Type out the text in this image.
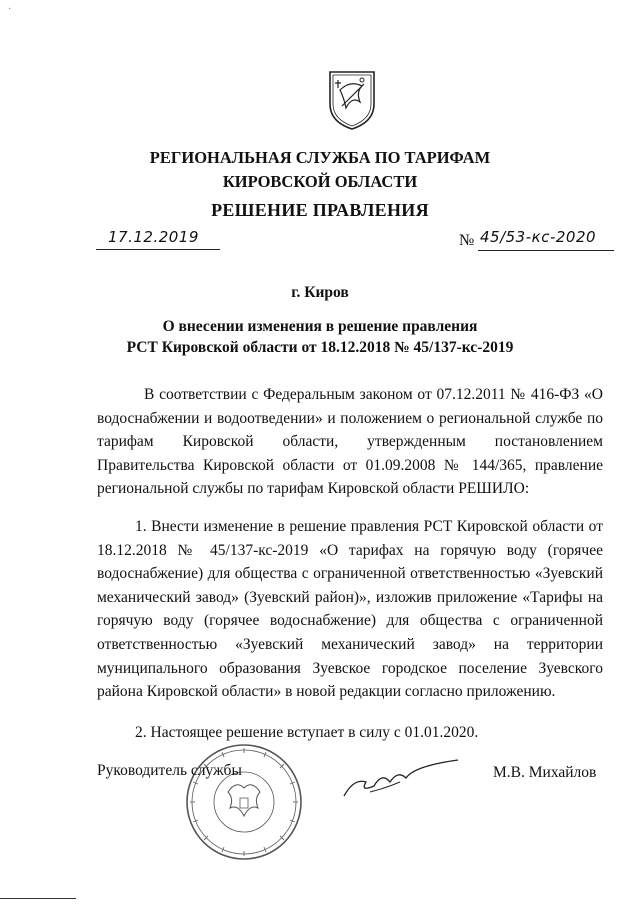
·
РЕГИОНАЛЬНАЯ СЛУЖБА ПО ТАРИФАМ
КИРОВСКОЙ ОБЛАСТИ
РЕШЕНИЕ ПРАВЛЕНИЯ
17.12.2019	№ 45/53-кс-2020
г. Киров
О внесении изменения в решение правления
РСТ Кировской области от 18.12.2018 № 45/137-кс-2019
В соответствии с Федеральным законом от 07.12.2011 № 416-ФЗ «О водоснабжении и водоотведении» и положением о региональной службе по тарифам Кировской области, утвержденным постановлением Правительства Кировской области от 01.09.2008 № 144/365, правление региональной службы по тарифам Кировской области РЕШИЛО:
1. Внести изменение в решение правления РСТ Кировской области от 18.12.2018 № 45/137-кс-2019 «О тарифах на горячую воду (горячее водоснабжение) для общества с ограниченной ответственностью «Зуевский механический завод» (Зуевский район)», изложив приложение «Тарифы на горячую воду (горячее водоснабжение) для общества с ограниченной ответственностью «Зуевский механический завод» на территории муниципального образования Зуевское городское поселение Зуевского района Кировской области» в новой редакции согласно приложению.
2. Настоящее решение вступает в силу с 01.01.2020.
Руководитель службы	М.В. Михайлов
